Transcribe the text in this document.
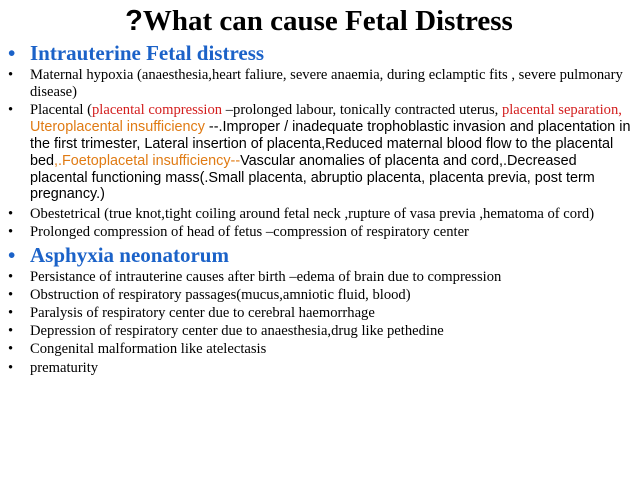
?What can cause Fetal Distress
• Intrauterine Fetal distress
• Maternal hypoxia (anaesthesia,heart faliure, severe anaemia, during eclamptic fits , severe pulmonary disease)
• Placental (placental compression –prolonged labour, tonically contracted uterus, placental separation, Uteroplacental insufficiency --.Improper / inadequate trophoblastic invasion and placentation in the first trimester, Lateral insertion of placenta,Reduced maternal blood flow to the placental bed,.Foetoplacetal insufficiency--Vascular anomalies of placenta and cord,.Decreased placental functioning mass(.Small placenta, abruptio placenta, placenta previa, post term pregnancy.)
• Obestetrical (true knot,tight coiling around fetal neck ,rupture of vasa previa ,hematoma of cord)
• Prolonged compression of head of fetus –compression of respiratory center
• Asphyxia neonatorum
• Persistance of intrauterine causes after birth –edema of brain due to compression
• Obstruction of respiratory passages(mucus,amniotic fluid, blood)
• Paralysis of respiratory center due to cerebral haemorrhage
• Depression of respiratory center due to anaesthesia,drug like pethedine
• Congenital malformation like atelectasis
• prematurity
